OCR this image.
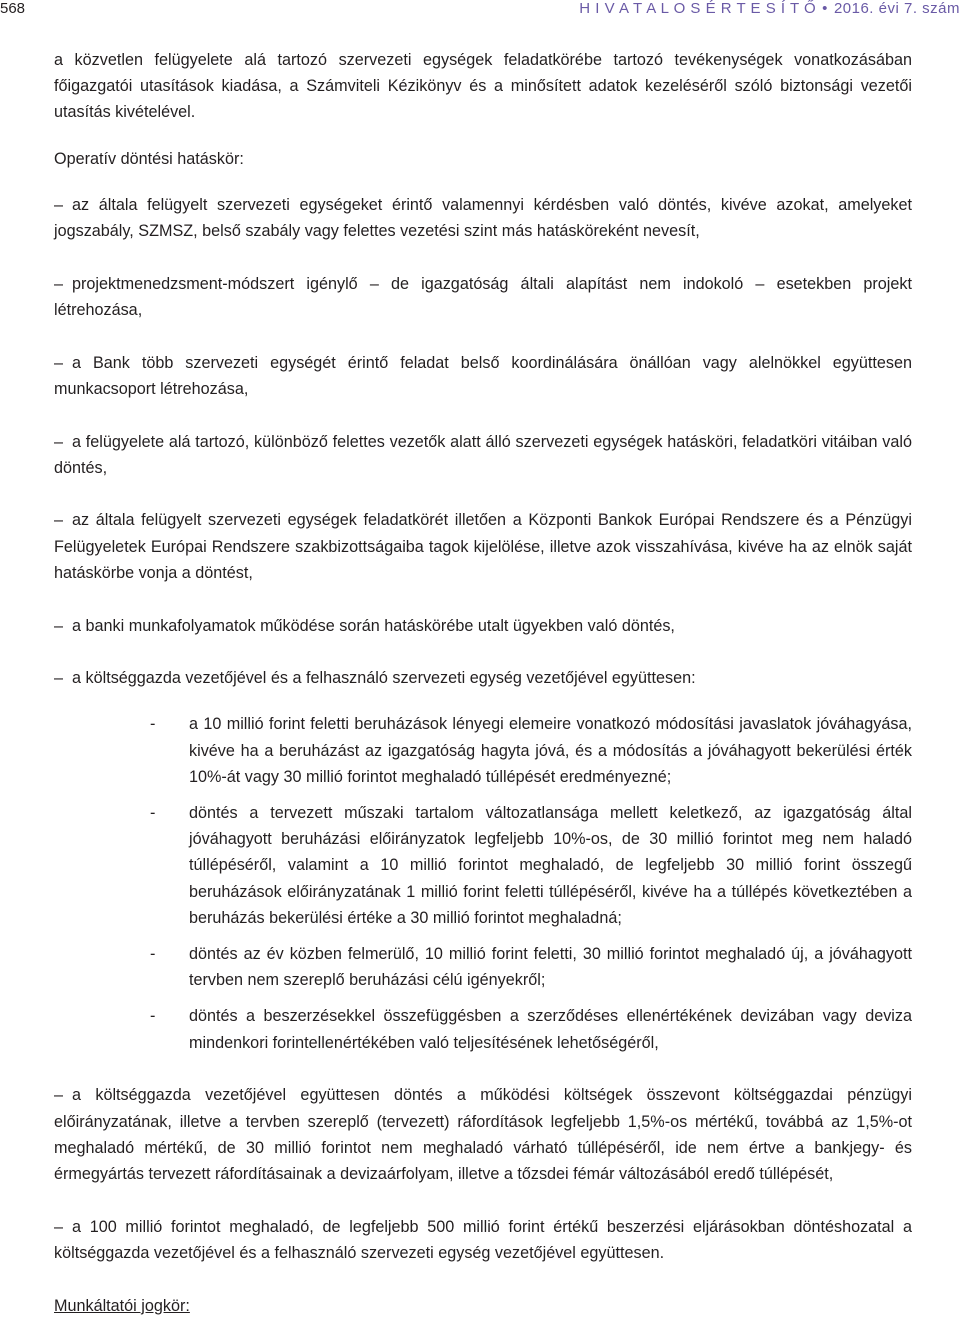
568	H I V A T A L O S É R T E S Í T Ő • 2016. évi 7. szám

a közvetlen felügyelete alá tartozó szervezeti egységek feladatkörébe tartozó tevékenységek vonatkozásában főigazgatói utasítások kiadása, a Számviteli Kézikönyv és a minősített adatok kezeléséről szóló biztonsági vezetői utasítás kivételével.

Operatív döntési hatáskör:

– az általa felügyelt szervezeti egységeket érintő valamennyi kérdésben való döntés, kivéve azokat, amelyeket jogszabály, SZMSZ, belső szabály vagy felettes vezetési szint más hatásköreként nevesít,

– projektmenedzsment-módszert igénylő – de igazgatóság általi alapítást nem indokoló – esetekben projekt létrehozása,

– a Bank több szervezeti egységét érintő feladat belső koordinálására önállóan vagy alelnökkel együttesen munkacsoport létrehozása,

– a felügyelete alá tartozó, különböző felettes vezetők alatt álló szervezeti egységek hatásköri, feladatköri vitáiban való döntés,

– az általa felügyelt szervezeti egységek feladatkörét illetően a Központi Bankok Európai Rendszere és a Pénzügyi Felügyeletek Európai Rendszere szakbizottságaiba tagok kijelölése, illetve azok visszahívása, kivéve ha az elnök saját hatáskörbe vonja a döntést,

– a banki munkafolyamatok működése során hatáskörébe utalt ügyekben való döntés,

– a költséggazda vezetőjével és a felhasználó szervezeti egység vezetőjével együttesen:

- a 10 millió forint feletti beruházások lényegi elemeire vonatkozó módosítási javaslatok jóváhagyása, kivéve ha a beruházást az igazgatóság hagyta jóvá, és a módosítás a jóváhagyott bekerülési érték 10%-át vagy 30 millió forintot meghaladó túllépését eredményezné;

- döntés a tervezett műszaki tartalom változatlansága mellett keletkező, az igazgatóság által jóváhagyott beruházási előirányzatok legfeljebb 10%-os, de 30 millió forintot meg nem haladó túllépéséről, valamint a 10 millió forintot meghaladó, de legfeljebb 30 millió forint összegű beruházások előirányzatának 1 millió forint feletti túllépéséről, kivéve ha a túllépés következtében a beruházás bekerülési értéke a 30 millió forintot meghaladná;

- döntés az év közben felmerülő, 10 millió forint feletti, 30 millió forintot meghaladó új, a jóváhagyott tervben nem szereplő beruházási célú igényekről;

- döntés a beszerzésekkel összefüggésben a szerződéses ellenértékének devizában vagy deviza mindenkori forintellenértékében való teljesítésének lehetőségéről,

– a költséggazda vezetőjével együttesen döntés a működési költségek összevont költséggazdai pénzügyi előirányzatának, illetve a tervben szereplő (tervezett) ráfordítások legfeljebb 1,5%-os mértékű, továbbá az 1,5%-ot meghaladó mértékű, de 30 millió forintot nem meghaladó várható túllépéséről, ide nem értve a bankjegy- és érmegyártás tervezett ráfordításainak a devizaárfolyam, illetve a tőzsdei fémár változásából eredő túllépését,

– a 100 millió forintot meghaladó, de legfeljebb 500 millió forint értékű beszerzési eljárásokban döntéshozatal a költséggazda vezetőjével és a felhasználó szervezeti egység vezetőjével együttesen.

Munkáltatói jogkör:
